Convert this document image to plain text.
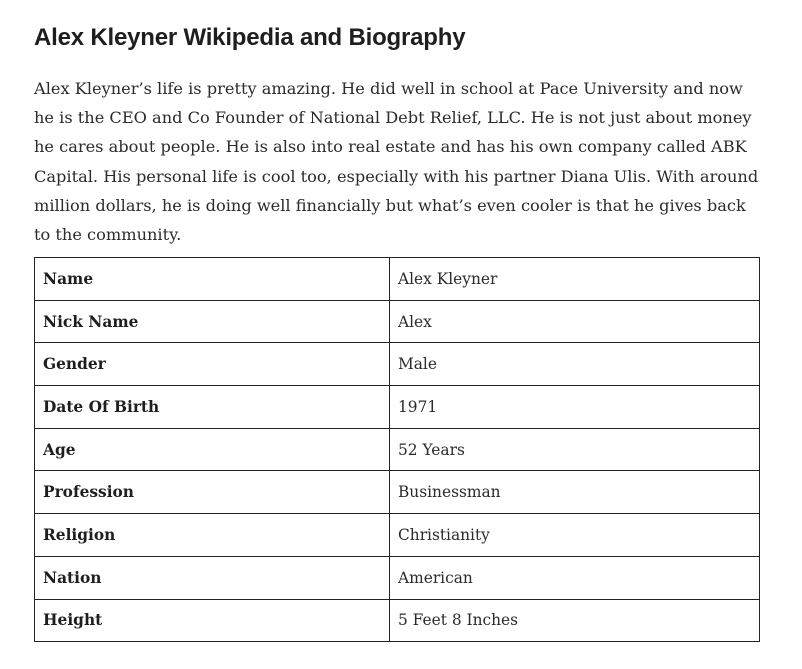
Alex Kleyner Wikipedia and Biography

Alex Kleyner’s life is pretty amazing. He did well in school at Pace University and now he is the CEO and Co Founder of National Debt Relief, LLC. He is not just about money he cares about people. He is also into real estate and has his own company called ABK Capital. His personal life is cool too, especially with his partner Diana Ulis. With around million dollars, he is doing well financially but what’s even cooler is that he gives back to the community.

Name	Alex Kleyner
Nick Name	Alex
Gender	Male
Date Of Birth	1971
Age	52 Years
Profession	Businessman
Religion	Christianity
Nation	American
Height	5 Feet 8 Inches
